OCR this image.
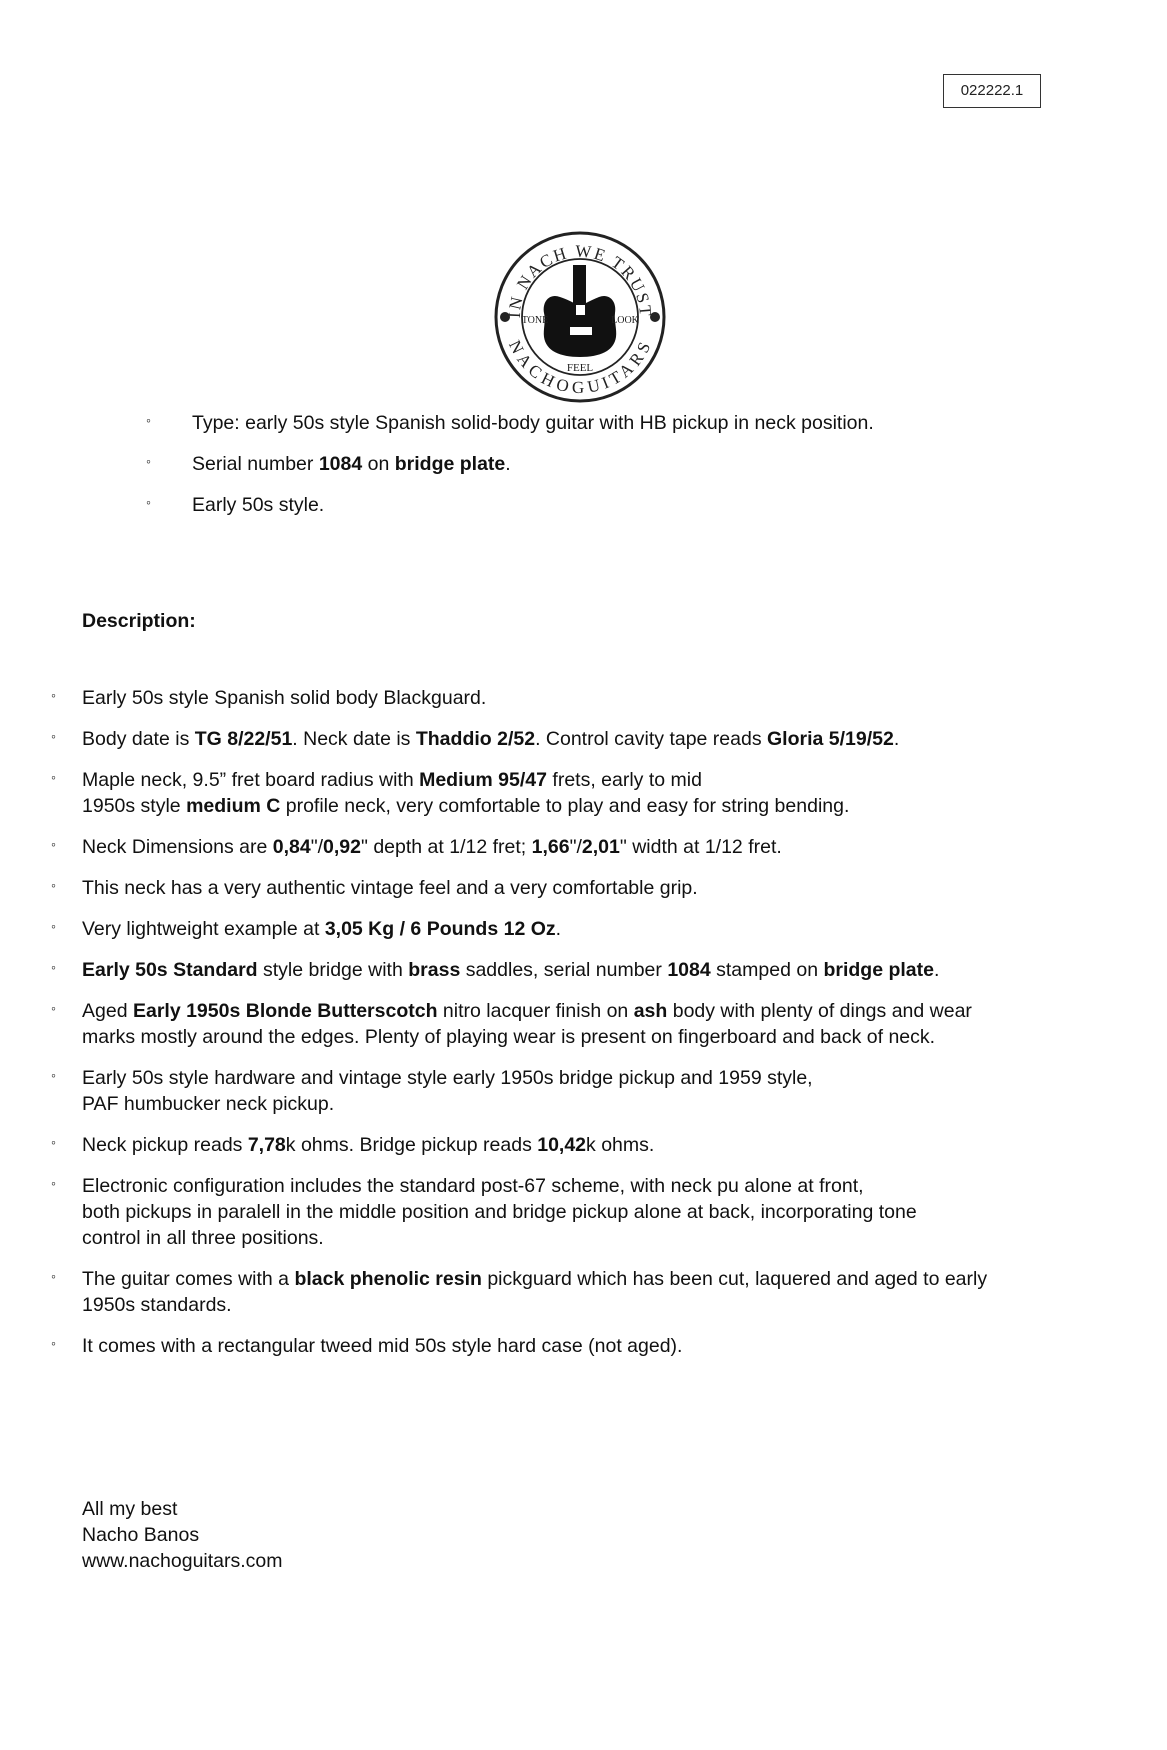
022222.1
IN NACH WE TRUST
NACHOGUITARS
TONE	LOOK
FEEL
◦ Type: early 50s style Spanish solid-body guitar with HB pickup in neck position.
◦ Serial number 1084 on bridge plate.
◦ Early 50s style.
Description:
◦ Early 50s style Spanish solid body Blackguard.
◦ Body date is TG 8/22/51. Neck date is Thaddio 2/52. Control cavity tape reads Gloria 5/19/52.
◦ Maple neck, 9.5” fret board radius with Medium 95/47 frets, early to mid
1950s style medium C profile neck, very comfortable to play and easy for string bending.
◦ Neck Dimensions are 0,84"/0,92" depth at 1/12 fret; 1,66"/2,01" width at 1/12 fret.
◦ This neck has a very authentic vintage feel and a very comfortable grip.
◦ Very lightweight example at 3,05 Kg / 6 Pounds 12 Oz.
◦ Early 50s Standard style bridge with brass saddles, serial number 1084 stamped on bridge plate.
◦ Aged Early 1950s Blonde Butterscotch nitro lacquer finish on ash body with plenty of dings and wear
marks mostly around the edges. Plenty of playing wear is present on fingerboard and back of neck.
◦ Early 50s style hardware and vintage style early 1950s bridge pickup and 1959 style,
PAF humbucker neck pickup.
◦ Neck pickup reads 7,78k ohms. Bridge pickup reads 10,42k ohms.
◦ Electronic configuration includes the standard post-67 scheme, with neck pu alone at front,
both pickups in paralell in the middle position and bridge pickup alone at back, incorporating tone
control in all three positions.
◦ The guitar comes with a black phenolic resin pickguard which has been cut, laquered and aged to early
1950s standards.
◦ It comes with a rectangular tweed mid 50s style hard case (not aged).
All my best
Nacho Banos
www.nachoguitars.com
